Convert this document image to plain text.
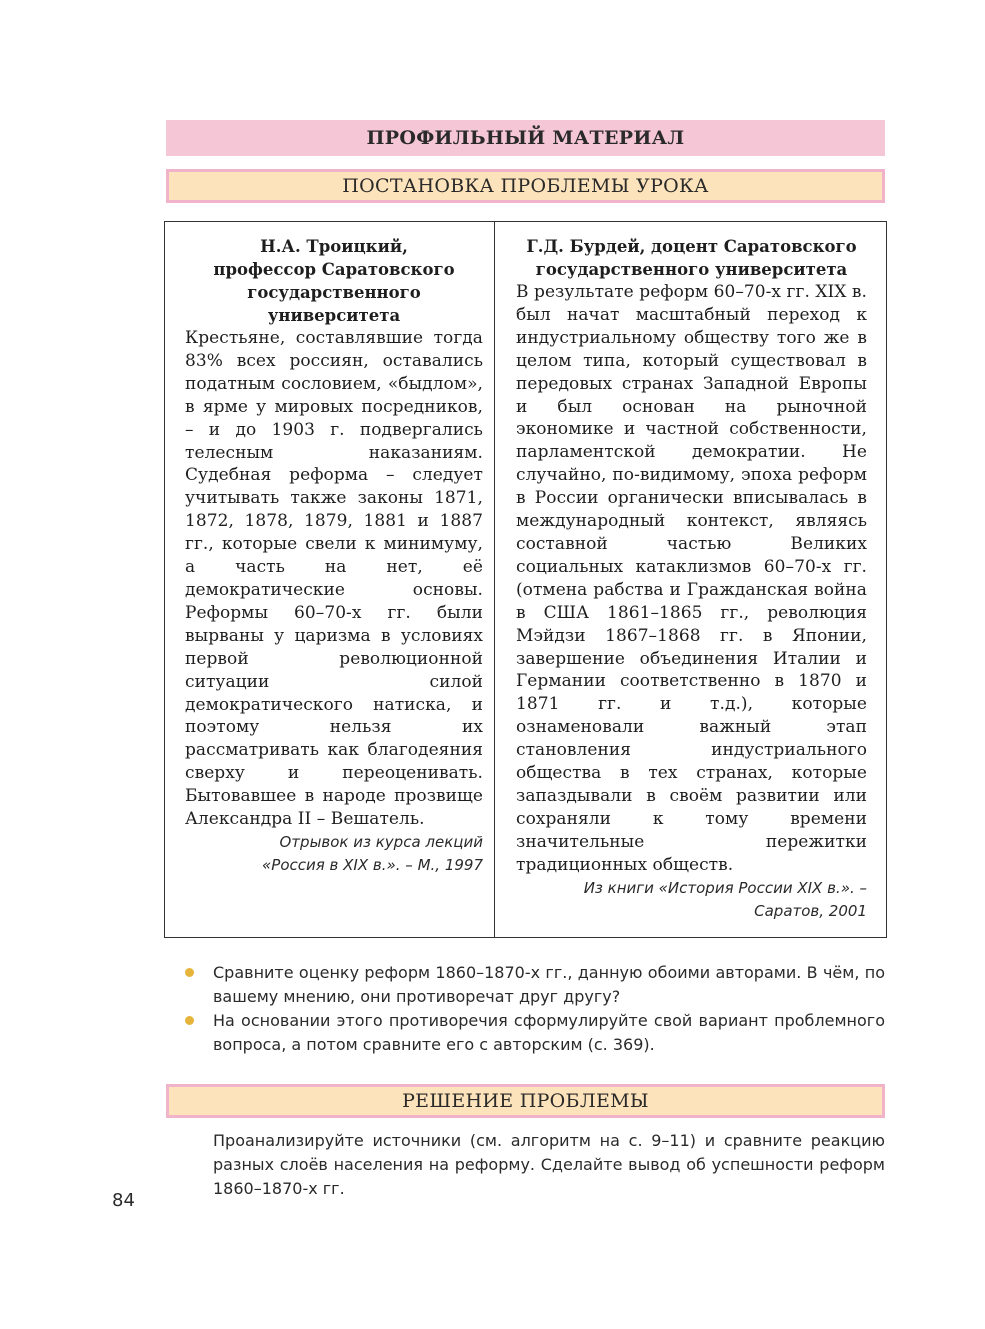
ПРОФИЛЬНЫЙ МАТЕРИАЛ
ПОСТАНОВКА ПРОБЛЕМЫ УРОКА

Н.А. Троицкий,
профессор Саратовского государственного университета

Крестьяне, составлявшие тогда 83% всех россиян, оставались податным сословием, «быдлом», в ярме у мировых посредников, – и до 1903 г. подвергались телесным наказаниям. Судебная реформа – следует учитывать также законы 1871, 1872, 1878, 1879, 1881 и 1887 гг., которые свели к минимуму, а часть на нет, её демократические основы. Реформы 60–70-х гг. были вырваны у царизма в условиях первой революционной ситуации силой демократического натиска, и поэтому нельзя их рассматривать как благодеяния сверху и переоценивать. Бытовавшее в народе прозвище Александра II – Вешатель.

Отрывок из курса лекций
«Россия в XIX в.». – М., 1997

Г.Д. Бурдей, доцент Саратовского
государственного университета

В результате реформ 60–70-х гг. XIX в. был начат масштабный переход к индустриальному обществу того же в целом типа, который существовал в передовых странах Западной Европы и был основан на рыночной экономике и частной собственности, парламентской демократии. Не случайно, по-видимому, эпоха реформ в России органически вписывалась в международный контекст, являясь составной частью Великих социальных катаклизмов 60–70-х гг. (отмена рабства и Гражданская война в США 1861–1865 гг., революция Мэйдзи 1867–1868 гг. в Японии, завершение объединения Италии и Германии соответственно в 1870 и 1871 гг. и т.д.), которые ознаменовали важный этап становления индустриального общества в тех странах, которые запаздывали в своём развитии или сохраняли к тому времени значительные пережитки традиционных обществ.

Из книги «История России XIX в.». –
Саратов, 2001

Сравните оценку реформ 1860–1870-х гг., данную обоими авторами. В чём, по вашему мнению, они противоречат друг другу?
На основании этого противоречия сформулируйте свой вариант проблемного вопроса, а потом сравните его с авторским (с. 369).
РЕШЕНИЕ ПРОБЛЕМЫ

Проанализируйте источники (см. алгоритм на с. 9–11) и сравните реакцию разных слоёв населения на реформу. Сделайте вывод об успешности реформ 1860–1870-х гг.

84
